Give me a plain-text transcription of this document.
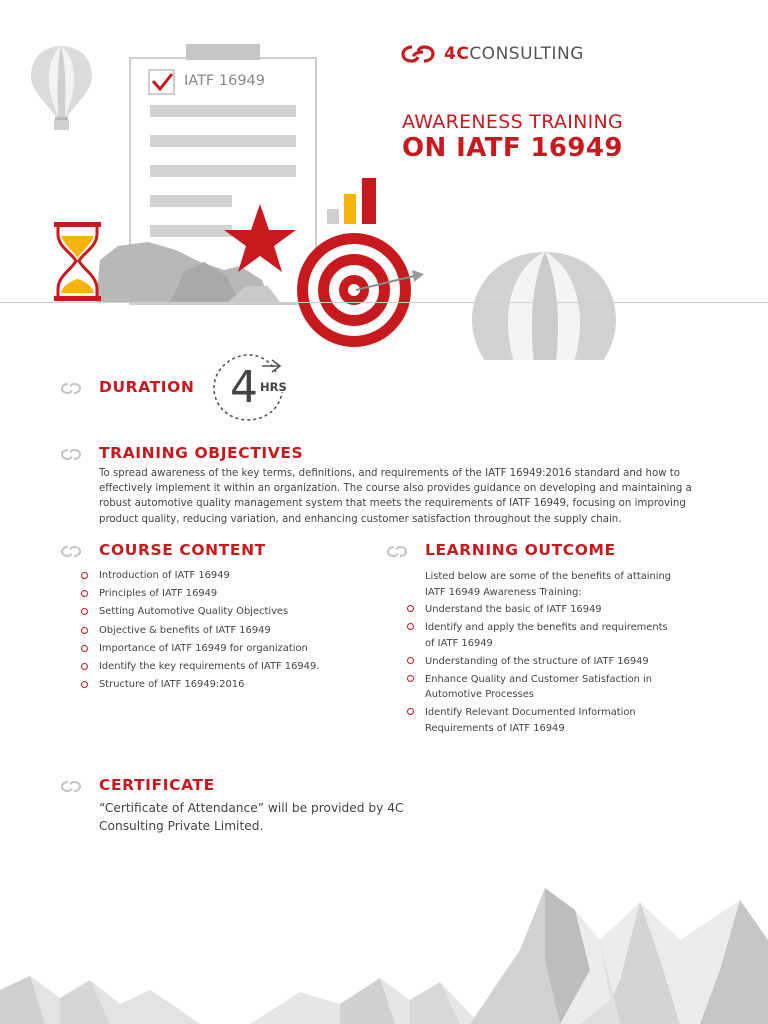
IATF 16949
4CCONSULTING
AWARENESS TRAINING
ON IATF 16949
DURATION 4 HRS
TRAINING OBJECTIVES
To spread awareness of the key terms, definitions, and requirements of the IATF 16949:2016 standard and how to
effectively implement it within an organization. The course also provides guidance on developing and maintaining a
robust automotive quality management system that meets the requirements of IATF 16949, focusing on improving
product quality, reducing variation, and enhancing customer satisfaction throughout the supply chain.
COURSE CONTENT
Introduction of IATF 16949
Principles of IATF 16949
Setting Automotive Quality Objectives
Objective & benefits of IATF 16949
Importance of IATF 16949 for organization
Identify the key requirements of IATF 16949.
Structure of IATF 16949:2016
LEARNING OUTCOME
Listed below are some of the benefits of attaining
IATF 16949 Awareness Training:
Understand the basic of IATF 16949
Identify and apply the benefits and requirements
of IATF 16949
Understanding of the structure of IATF 16949
Enhance Quality and Customer Satisfaction in
Automotive Processes
Identify Relevant Documented Information
Requirements of IATF 16949
CERTIFICATE
“Certificate of Attendance” will be provided by 4C
Consulting Private Limited.
